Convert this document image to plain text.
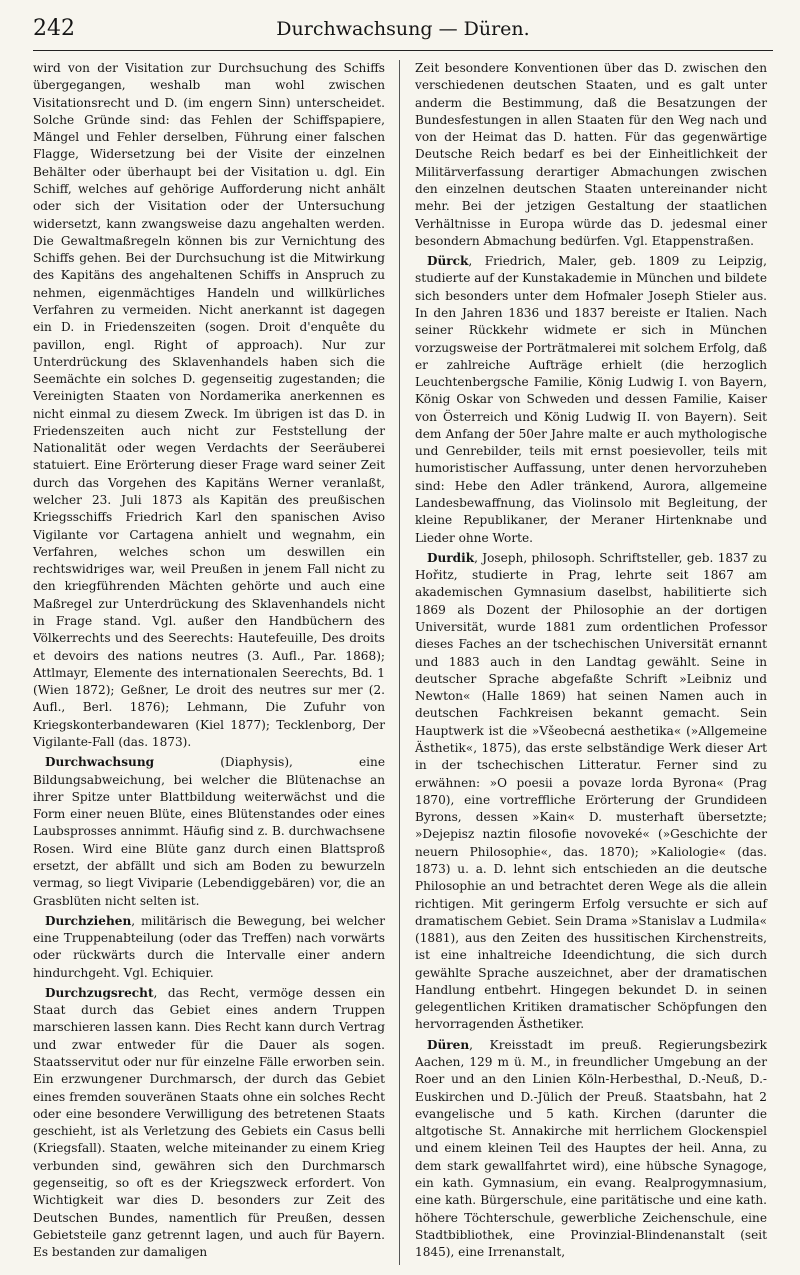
242	Durchwachsung — Düren.

wird von der Visitation zur Durchsuchung des Schiffs übergegangen, weshalb man wohl zwischen Visitationsrecht und D. (im engern Sinn) unterscheidet. Solche Gründe sind: das Fehlen der Schiffspapiere, Mängel und Fehler derselben, Führung einer falschen Flagge, Widersetzung bei der Visite der einzelnen Behälter oder überhaupt bei der Visitation u. dgl. Ein Schiff, welches auf gehörige Aufforderung nicht anhält oder sich der Visitation oder der Untersuchung widersetzt, kann zwangsweise dazu angehalten werden. Die Gewaltmaßregeln können bis zur Vernichtung des Schiffs gehen. Bei der Durchsuchung ist die Mitwirkung des Kapitäns des angehaltenen Schiffs in Anspruch zu nehmen, eigenmächtiges Handeln und willkürliches Verfahren zu vermeiden. Nicht anerkannt ist dagegen ein D. in Friedenszeiten (sogen. Droit d'enquête du pavillon, engl. Right of approach). Nur zur Unterdrückung des Sklavenhandels haben sich die Seemächte ein solches D. gegenseitig zugestanden; die Vereinigten Staaten von Nordamerika anerkennen es nicht einmal zu diesem Zweck. Im übrigen ist das D. in Friedenszeiten auch nicht zur Feststellung der Nationalität oder wegen Verdachts der Seeräuberei statuiert. Eine Erörterung dieser Frage ward seiner Zeit durch das Vorgehen des Kapitäns Werner veranlaßt, welcher 23. Juli 1873 als Kapitän des preußischen Kriegsschiffs Friedrich Karl den spanischen Aviso Vigilante vor Cartagena anhielt und wegnahm, ein Verfahren, welches schon um deswillen ein rechtswidriges war, weil Preußen in jenem Fall nicht zu den kriegführenden Mächten gehörte und auch eine Maßregel zur Unterdrückung des Sklavenhandels nicht in Frage stand. Vgl. außer den Handbüchern des Völkerrechts und des Seerechts: Hautefeuille, Des droits et devoirs des nations neutres (3. Aufl., Par. 1868); Attlmayr, Elemente des internationalen Seerechts, Bd. 1 (Wien 1872); Geßner, Le droit des neutres sur mer (2. Aufl., Berl. 1876); Lehmann, Die Zufuhr von Kriegskonterbandewaren (Kiel 1877); Tecklenborg, Der Vigilante-Fall (das. 1873).

Durchwachsung (Diaphysis), eine Bildungsabweichung, bei welcher die Blütenachse an ihrer Spitze unter Blattbildung weiterwächst und die Form einer neuen Blüte, eines Blütenstandes oder eines Laubsprosses annimmt. Häufig sind z. B. durchwachsene Rosen. Wird eine Blüte ganz durch einen Blattsproß ersetzt, der abfällt und sich am Boden zu bewurzeln vermag, so liegt Viviparie (Lebendiggebären) vor, die an Grasblüten nicht selten ist.

Durchziehen, militärisch die Bewegung, bei welcher eine Truppenabteilung (oder das Treffen) nach vorwärts oder rückwärts durch die Intervalle einer andern hindurchgeht. Vgl. Echiquier.

Durchzugsrecht, das Recht, vermöge dessen ein Staat durch das Gebiet eines andern Truppen marschieren lassen kann. Dies Recht kann durch Vertrag und zwar entweder für die Dauer als sogen. Staatsservitut oder nur für einzelne Fälle erworben sein. Ein erzwungener Durchmarsch, der durch das Gebiet eines fremden souveränen Staats ohne ein solches Recht oder eine besondere Verwilligung des betretenen Staats geschieht, ist als Verletzung des Gebiets ein Casus belli (Kriegsfall). Staaten, welche miteinander zu einem Krieg verbunden sind, gewähren sich den Durchmarsch gegenseitig, so oft es der Kriegszweck erfordert. Von Wichtigkeit war dies D. besonders zur Zeit des Deutschen Bundes, namentlich für Preußen, dessen Gebietsteile ganz getrennt lagen, und auch für Bayern. Es bestanden zur damaligen

Zeit besondere Konventionen über das D. zwischen den verschiedenen deutschen Staaten, und es galt unter anderm die Bestimmung, daß die Besatzungen der Bundesfestungen in allen Staaten für den Weg nach und von der Heimat das D. hatten. Für das gegenwärtige Deutsche Reich bedarf es bei der Einheitlichkeit der Militärverfassung derartiger Abmachungen zwischen den einzelnen deutschen Staaten untereinander nicht mehr. Bei der jetzigen Gestaltung der staatlichen Verhältnisse in Europa würde das D. jedesmal einer besondern Abmachung bedürfen. Vgl. Etappenstraßen.

Dürck, Friedrich, Maler, geb. 1809 zu Leipzig, studierte auf der Kunstakademie in München und bildete sich besonders unter dem Hofmaler Joseph Stieler aus. In den Jahren 1836 und 1837 bereiste er Italien. Nach seiner Rückkehr widmete er sich in München vorzugsweise der Porträtmalerei mit solchem Erfolg, daß er zahlreiche Aufträge erhielt (die herzoglich Leuchtenbergsche Familie, König Ludwig I. von Bayern, König Oskar von Schweden und dessen Familie, Kaiser von Österreich und König Ludwig II. von Bayern). Seit dem Anfang der 50er Jahre malte er auch mythologische und Genrebilder, teils mit ernst poesievoller, teils mit humoristischer Auffassung, unter denen hervorzuheben sind: Hebe den Adler tränkend, Aurora, allgemeine Landesbewaffnung, das Violinsolo mit Begleitung, der kleine Republikaner, der Meraner Hirtenknabe und Lieder ohne Worte.

Durdik, Joseph, philosoph. Schriftsteller, geb. 1837 zu Hořitz, studierte in Prag, lehrte seit 1867 am akademischen Gymnasium daselbst, habilitierte sich 1869 als Dozent der Philosophie an der dortigen Universität, wurde 1881 zum ordentlichen Professor dieses Faches an der tschechischen Universität ernannt und 1883 auch in den Landtag gewählt. Seine in deutscher Sprache abgefaßte Schrift »Leibniz und Newton« (Halle 1869) hat seinen Namen auch in deutschen Fachkreisen bekannt gemacht. Sein Hauptwerk ist die »Všeobecná aesthetika« (»Allgemeine Ästhetik«, 1875), das erste selbständige Werk dieser Art in der tschechischen Litteratur. Ferner sind zu erwähnen: »O poesii a povaze lorda Byrona« (Prag 1870), eine vortreffliche Erörterung der Grundideen Byrons, dessen »Kain« D. musterhaft übersetzte; »Dejepisz naztin filosofie novoveké« (»Geschichte der neuern Philosophie«, das. 1870); »Kaliologie« (das. 1873) u. a. D. lehnt sich entschieden an die deutsche Philosophie an und betrachtet deren Wege als die allein richtigen. Mit geringerm Erfolg versuchte er sich auf dramatischem Gebiet. Sein Drama »Stanislav a Ludmila« (1881), aus den Zeiten des hussitischen Kirchenstreits, ist eine inhaltreiche Ideendichtung, die sich durch gewählte Sprache auszeichnet, aber der dramatischen Handlung entbehrt. Hingegen bekundet D. in seinen gelegentlichen Kritiken dramatischer Schöpfungen den hervorragenden Ästhetiker.

Düren, Kreisstadt im preuß. Regierungsbezirk Aachen, 129 m ü. M., in freundlicher Umgebung an der Roer und an den Linien Köln-Herbesthal, D.-Neuß, D.-Euskirchen und D.-Jülich der Preuß. Staatsbahn, hat 2 evangelische und 5 kath. Kirchen (darunter die altgotische St. Annakirche mit herrlichem Glockenspiel und einem kleinen Teil des Hauptes der heil. Anna, zu dem stark gewallfahrtet wird), eine hübsche Synagoge, ein kath. Gymnasium, ein evang. Realprogymnasium, eine kath. Bürgerschule, eine paritätische und eine kath. höhere Töchterschule, gewerbliche Zeichenschule, eine Stadtbibliothek, eine Provinzial-Blindenanstalt (seit 1845), eine Irrenanstalt,
